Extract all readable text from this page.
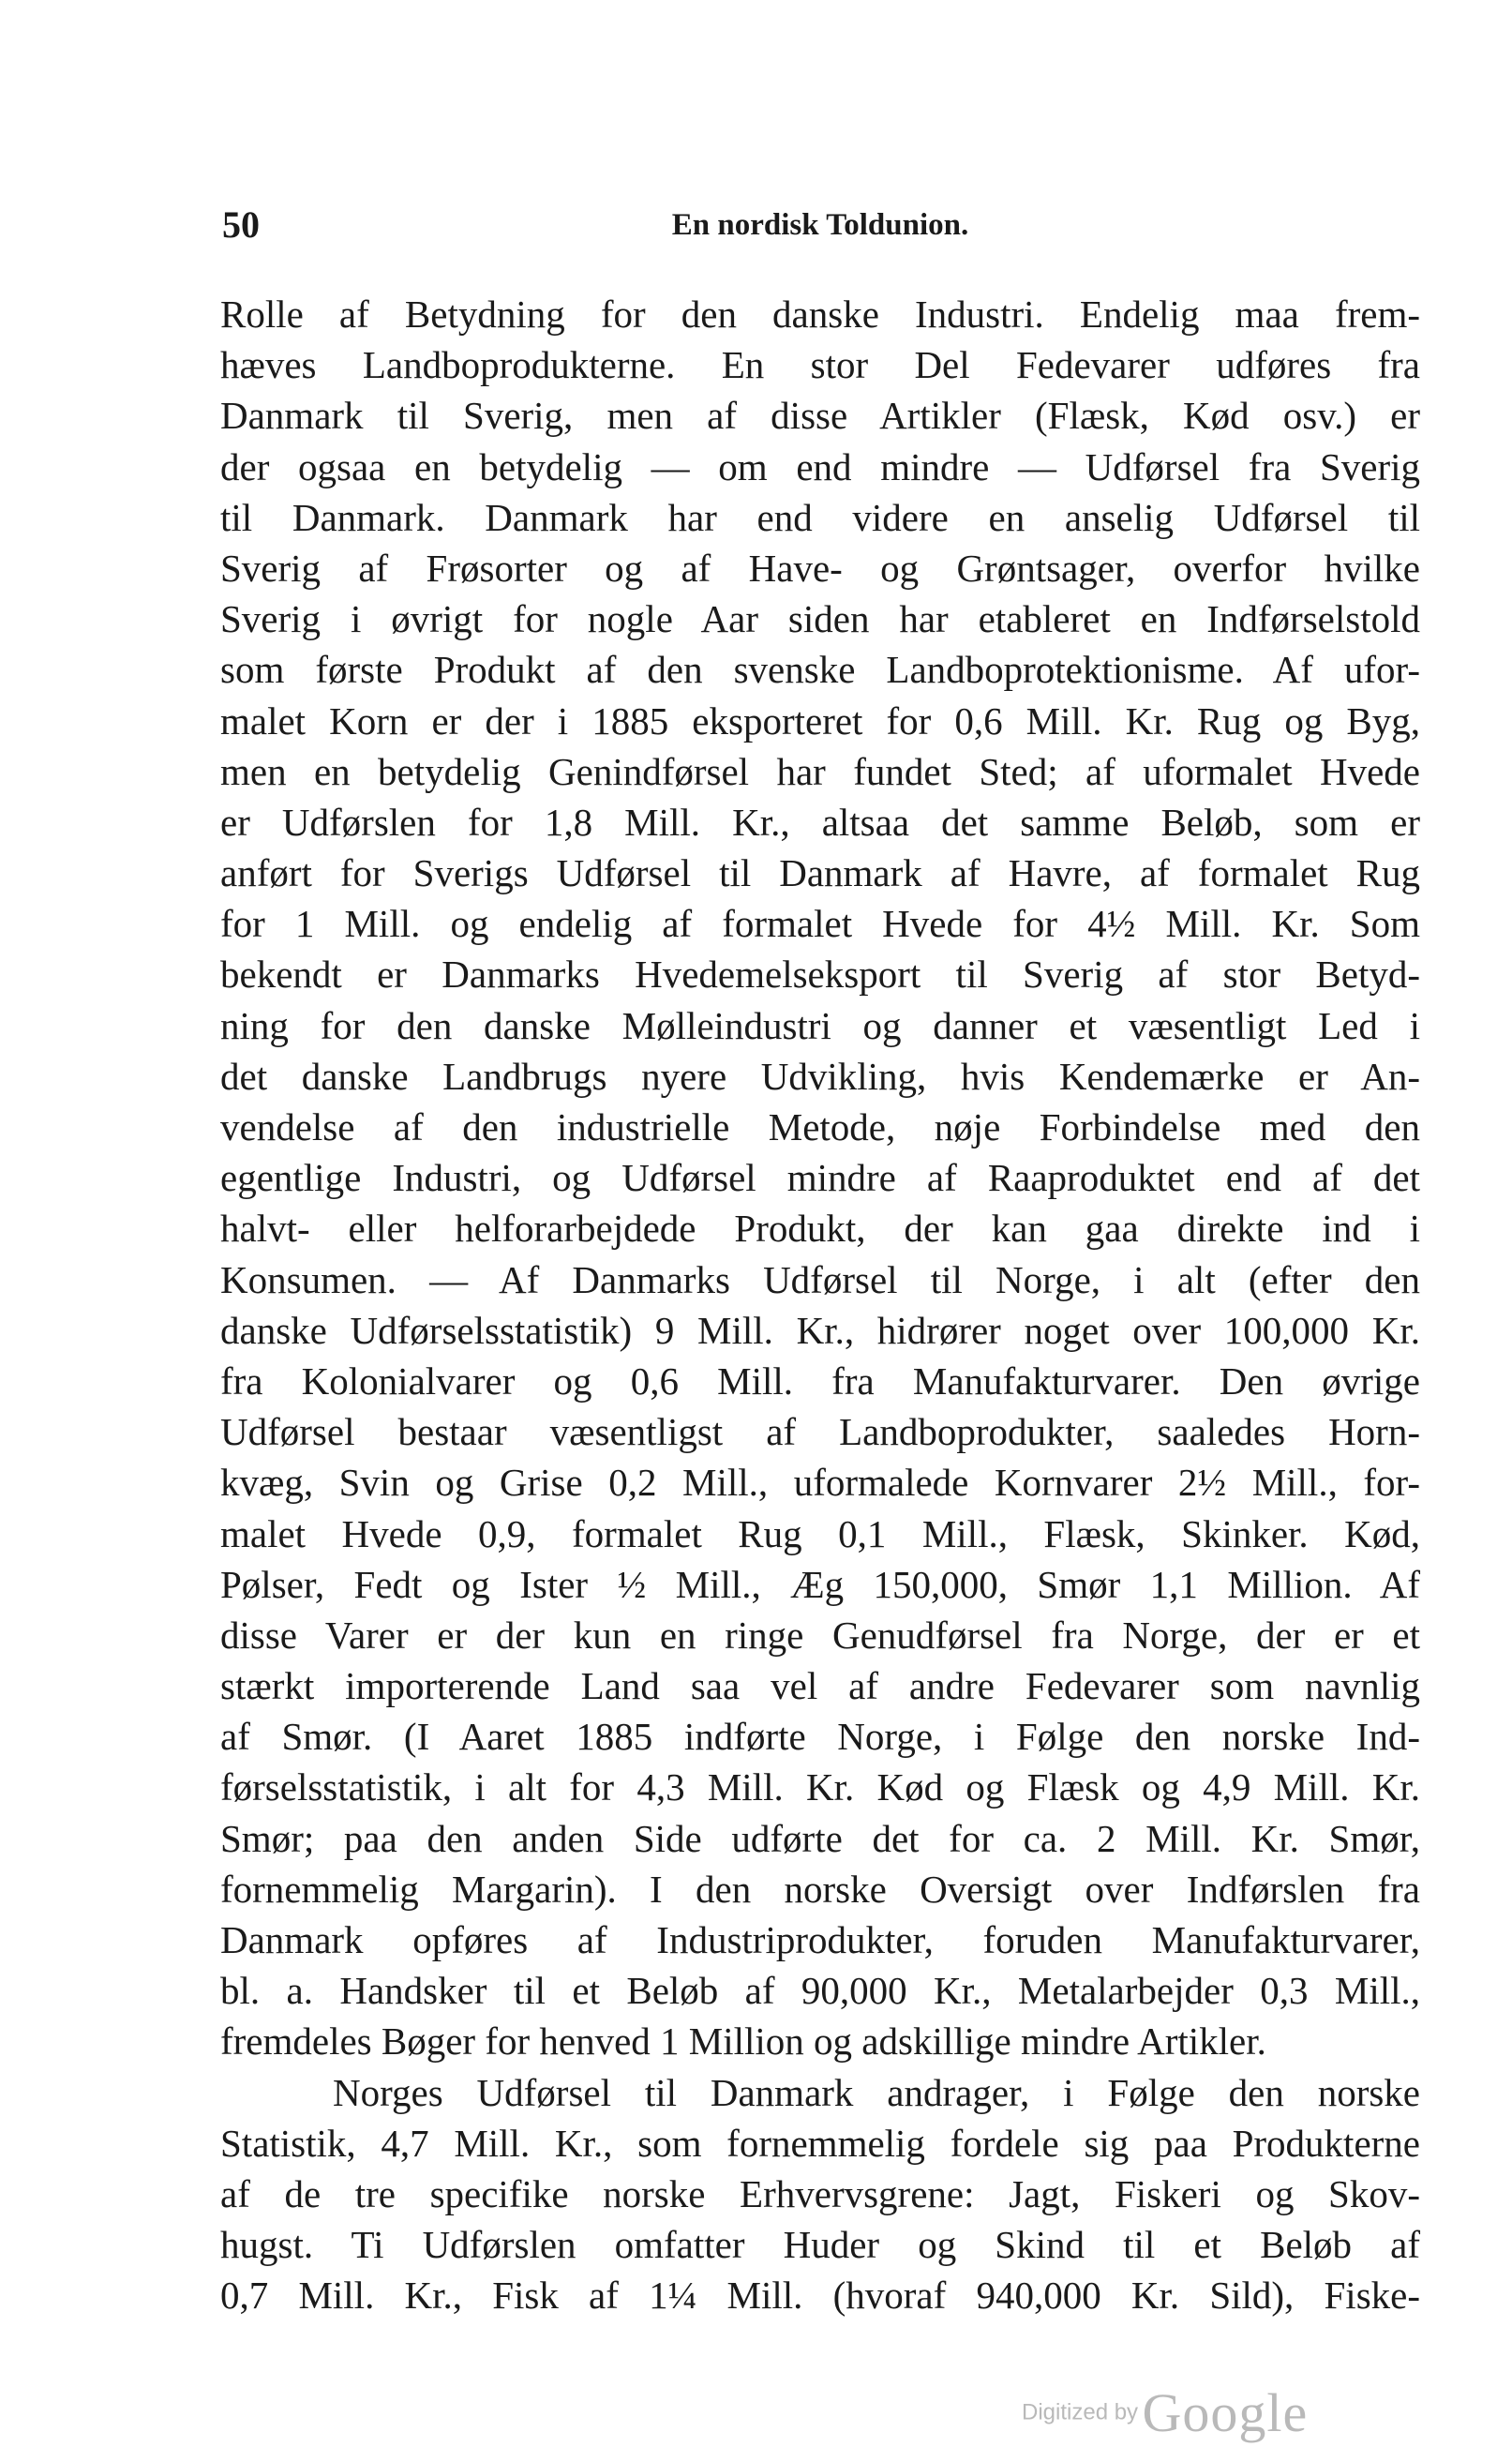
50	En nordisk Toldunion.
Rolle af Betydning for den danske Industri. Endelig maa frem-
hæves Landboprodukterne. En stor Del Fedevarer udføres fra
Danmark til Sverig, men af disse Artikler (Flæsk, Kød osv.) er
der ogsaa en betydelig — om end mindre — Udførsel fra Sverig
til Danmark. Danmark har end videre en anselig Udførsel til
Sverig af Frøsorter og af Have- og Grøntsager, overfor hvilke
Sverig i øvrigt for nogle Aar siden har etableret en Indførselstold
som første Produkt af den svenske Landboprotektionisme. Af ufor-
malet Korn er der i 1885 eksporteret for 0,6 Mill. Kr. Rug og Byg,
men en betydelig Genindførsel har fundet Sted; af uformalet Hvede
er Udførslen for 1,8 Mill. Kr., altsaa det samme Beløb, som er
anført for Sverigs Udførsel til Danmark af Havre, af formalet Rug
for 1 Mill. og endelig af formalet Hvede for 4½ Mill. Kr. Som
bekendt er Danmarks Hvedemelseksport til Sverig af stor Betyd-
ning for den danske Mølleindustri og danner et væsentligt Led i
det danske Landbrugs nyere Udvikling, hvis Kendemærke er An-
vendelse af den industrielle Metode, nøje Forbindelse med den
egentlige Industri, og Udførsel mindre af Raaproduktet end af det
halvt- eller helforarbejdede Produkt, der kan gaa direkte ind i
Konsumen. — Af Danmarks Udførsel til Norge, i alt (efter den
danske Udførselsstatistik) 9 Mill. Kr., hidrører noget over 100,000 Kr.
fra Kolonialvarer og 0,6 Mill. fra Manufakturvarer. Den øvrige
Udførsel bestaar væsentligst af Landboprodukter, saaledes Horn-
kvæg, Svin og Grise 0,2 Mill., uformalede Kornvarer 2½ Mill., for-
malet Hvede 0,9, formalet Rug 0,1 Mill., Flæsk, Skinker. Kød,
Pølser, Fedt og Ister ½ Mill., Æg 150,000, Smør 1,1 Million. Af
disse Varer er der kun en ringe Genudførsel fra Norge, der er et
stærkt importerende Land saa vel af andre Fedevarer som navnlig
af Smør. (I Aaret 1885 indførte Norge, i Følge den norske Ind-
førselsstatistik, i alt for 4,3 Mill. Kr. Kød og Flæsk og 4,9 Mill. Kr.
Smør; paa den anden Side udførte det for ca. 2 Mill. Kr. Smør,
fornemmelig Margarin). I den norske Oversigt over Indførslen fra
Danmark opføres af Industriprodukter, foruden Manufakturvarer,
bl. a. Handsker til et Beløb af 90,000 Kr., Metalarbejder 0,3 Mill.,
fremdeles Bøger for henved 1 Million og adskillige mindre Artikler.
Norges Udførsel til Danmark andrager, i Følge den norske
Statistik, 4,7 Mill. Kr., som fornemmelig fordele sig paa Produkterne
af de tre specifike norske Erhvervsgrene: Jagt, Fiskeri og Skov-
hugst. Ti Udførslen omfatter Huder og Skind til et Beløb af
0,7 Mill. Kr., Fisk af 1¼ Mill. (hvoraf 940,000 Kr. Sild), Fiske-
Digitized by Google
